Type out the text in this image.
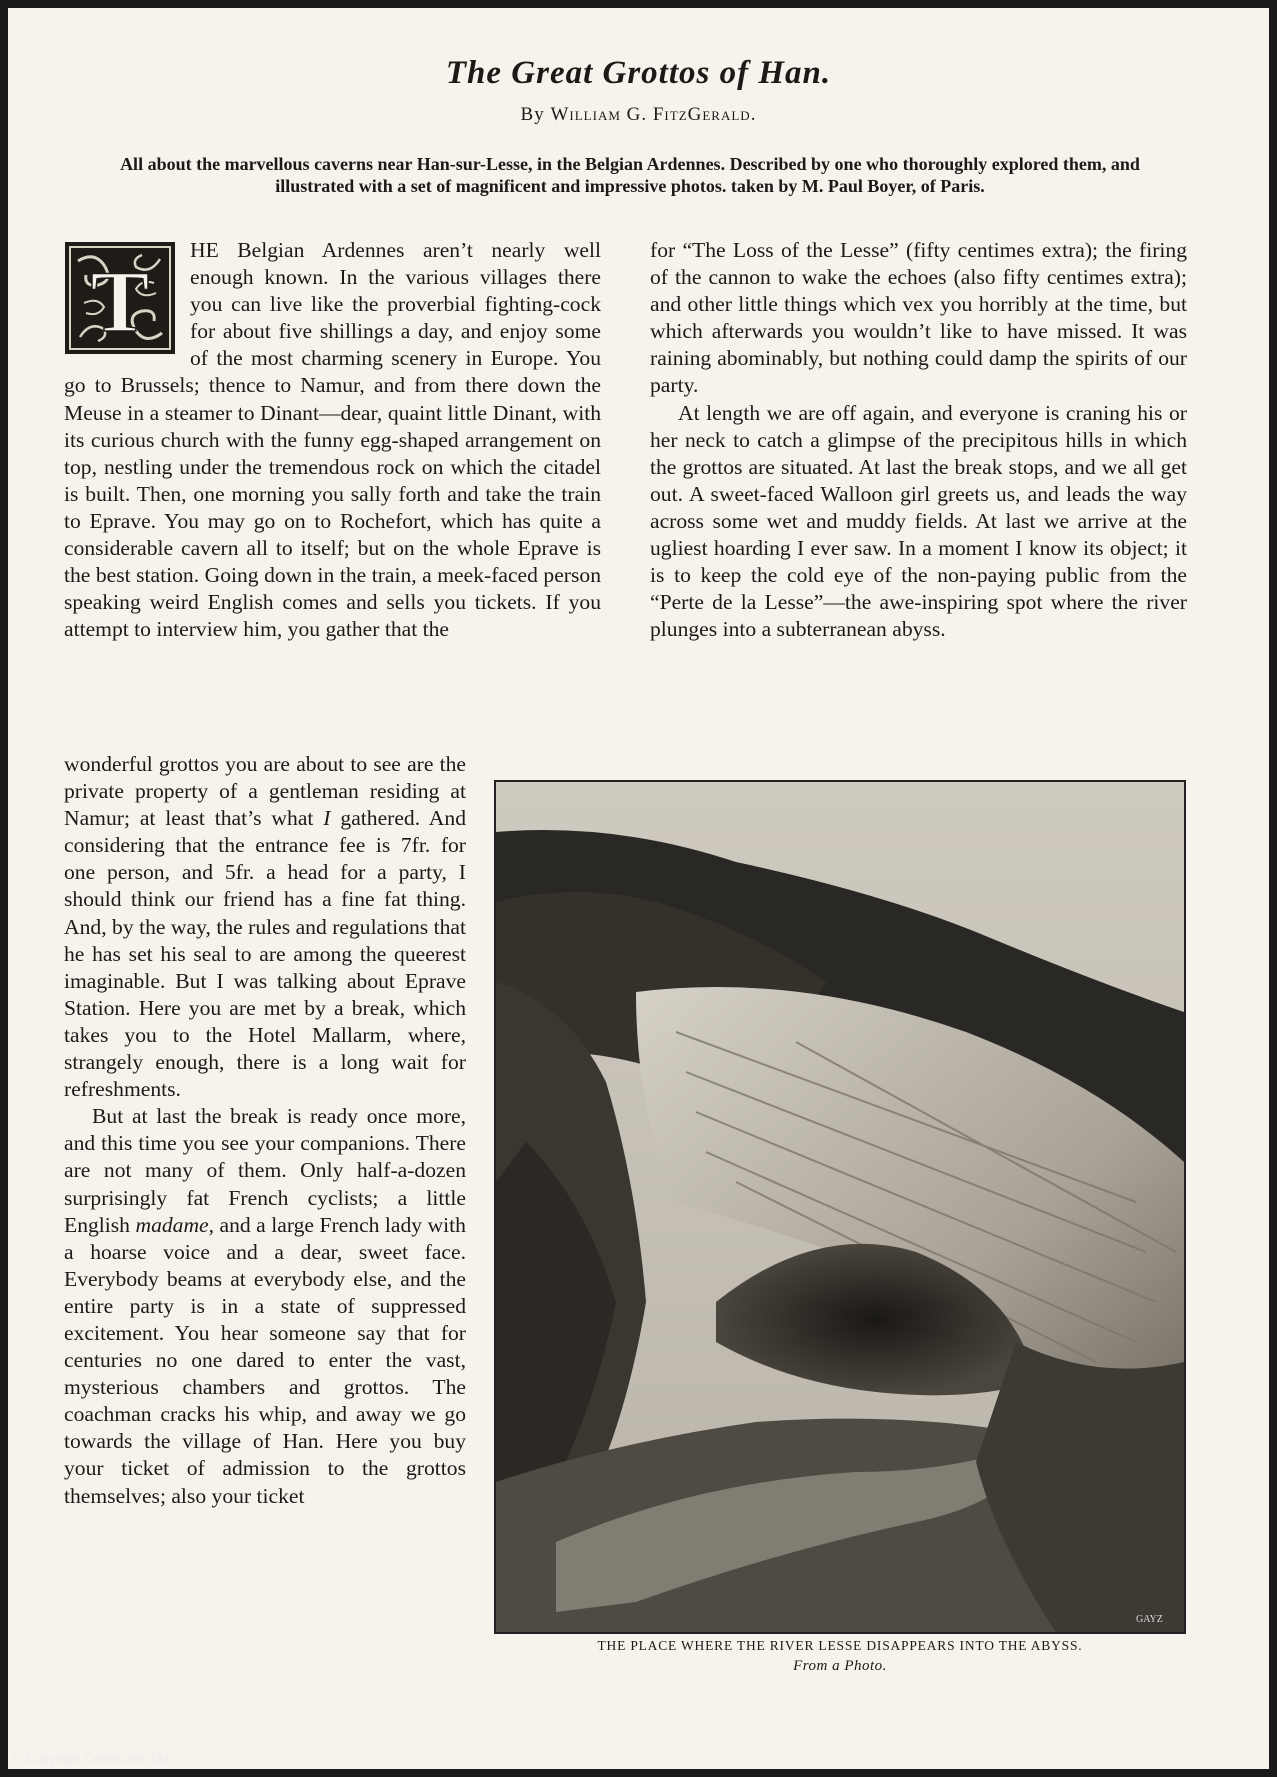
The Great Grottos of Han.
By William G. FitzGerald.
All about the marvellous caverns near Han-sur-Lesse, in the Belgian Ardennes. Described by one who thoroughly explored them, and illustrated with a set of magnificent and impressive photos. taken by M. Paul Boyer, of Paris.
T

HE Belgian Ardennes aren’t nearly well enough known. In the various villages there you can live like the proverbial fighting-cock for about five shillings a day, and enjoy some of the most charming scenery in Europe. You go to Brussels; thence to Namur, and from there down the Meuse in a steamer to Dinant—dear, quaint little Dinant, with its curious church with the funny egg-shaped arrangement on top, nestling under the tremendous rock on which the citadel is built. Then, one morning you sally forth and take the train to Eprave. You may go on to Rochefort, which has quite a considerable cavern all to itself; but on the whole Eprave is the best station. Going down in the train, a meek-faced person speaking weird English comes and sells you tickets. If you attempt to interview him, you gather that the

wonderful grottos you are about to see are the private property of a gentleman residing at Namur; at least that’s what I gathered. And considering that the entrance fee is 7fr. for one person, and 5fr. a head for a party, I should think our friend has a fine fat thing. And, by the way, the rules and regulations that he has set his seal to are among the queerest imaginable. But I was talking about Eprave Station. Here you are met by a break, which takes you to the Hotel Mallarm, where, strangely enough, there is a long wait for refreshments.

But at last the break is ready once more, and this time you see your companions. There are not many of them. Only half-a-dozen surprisingly fat French cyclists; a little English madame, and a large French lady with a hoarse voice and a dear, sweet face. Everybody beams at everybody else, and the entire party is in a state of suppressed excitement. You hear someone say that for centuries no one dared to enter the vast, mysterious chambers and grottos. The coachman cracks his whip, and away we go towards the village of Han. Here you buy your ticket of admission to the grottos themselves; also your ticket

for “The Loss of the Lesse” (fifty centimes extra); the firing of the cannon to wake the echoes (also fifty centimes extra); and other little things which vex you horribly at the time, but which afterwards you wouldn’t like to have missed. It was raining abominably, but nothing could damp the spirits of our party.

At length we are off again, and everyone is craning his or her neck to catch a glimpse of the precipitous hills in which the grottos are situated. At last the break stops, and we all get out. A sweet-faced Walloon girl greets us, and leads the way across some wet and muddy fields. At last we arrive at the ugliest hoarding I ever saw. In a moment I know its object; it is to keep the cold eye of the non-paying public from the “Perte de la Lesse”—the awe-inspiring spot where the river plunges into a subterranean abyss.

GAYZ
THE PLACE WHERE THE RIVER LESSE DISAPPEARS INTO THE ABYSS.
From a Photo.
© Copyright Cosmo Int. Ltd
